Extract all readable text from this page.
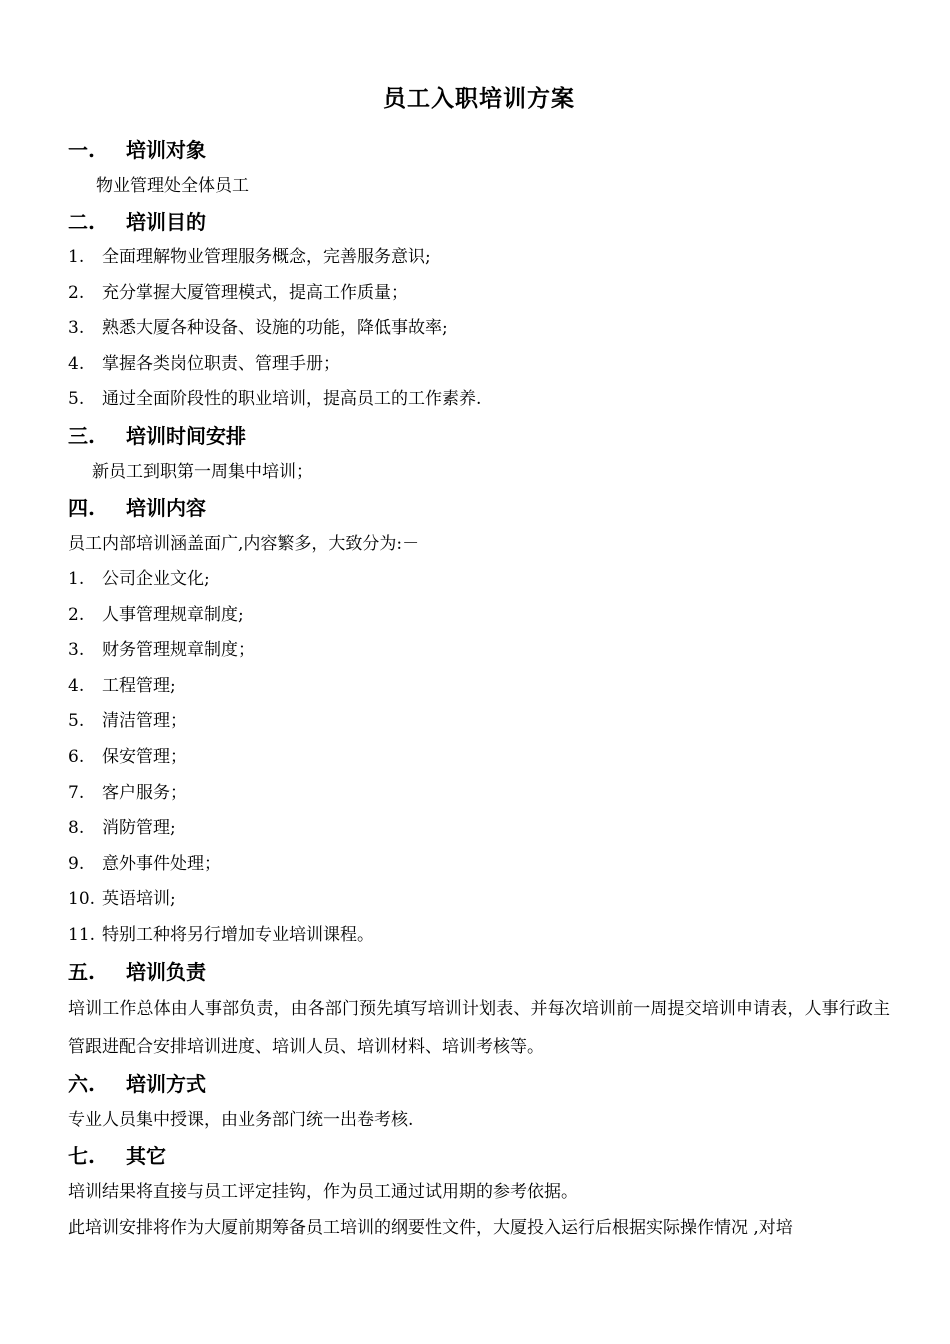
员工入职培训方案
一.	培训对象

物业管理处全体员工

二.	培训目的
1.	全面理解物业管理服务概念，完善服务意识;
2.	充分掌握大厦管理模式，提高工作质量；
3.	熟悉大厦各种设备、设施的功能，降低事故率;
4.	掌握各类岗位职责、管理手册；
5.	通过全面阶段性的职业培训，提高员工的工作素养.
三.	培训时间安排

新员工到职第一周集中培训；

四.	培训内容

员工内部培训涵盖面广,内容繁多，大致分为:－

1.	公司企业文化;
2.	人事管理规章制度;
3.	财务管理规章制度；
4.	工程管理;
5.	清洁管理；
6.	保安管理；
7.	客户服务；
8.	消防管理;
9.	意外事件处理；
10. 英语培训;
11. 特别工种将另行增加专业培训课程。
五.	培训负责

培训工作总体由人事部负责，由各部门预先填写培训计划表、并每次培训前一周提交培训申请表，人事行政主管跟进配合安排培训进度、培训人员、培训材料、培训考核等。

六.	培训方式

专业人员集中授课，由业务部门统一出卷考核.

七.	其它

培训结果将直接与员工评定挂钩，作为员工通过试用期的参考依据。

此培训安排将作为大厦前期筹备员工培训的纲要性文件，大厦投入运行后根据实际操作情况 ,对培
